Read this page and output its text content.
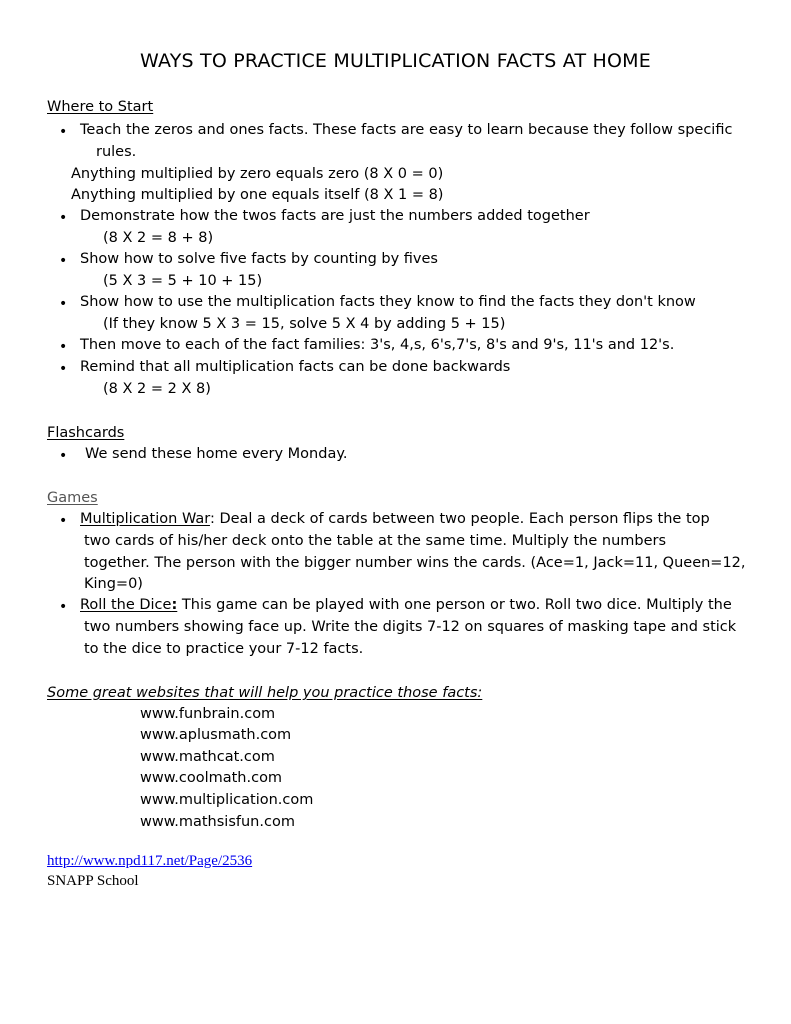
WAYS TO PRACTICE MULTIPLICATION FACTS AT HOME
Where to Start
• Teach the zeros and ones facts. These facts are easy to learn because they follow specific
rules.
Anything multiplied by zero equals zero (8 X 0 = 0)
Anything multiplied by one equals itself (8 X 1 = 8)
• Demonstrate how the twos facts are just the numbers added together
(8 X 2 = 8 + 8)
• Show how to solve five facts by counting by fives
(5 X 3 = 5 + 10 + 15)
• Show how to use the multiplication facts they know to find the facts they don't know
(If they know 5 X 3 = 15, solve 5 X 4 by adding 5 + 15)
• Then move to each of the fact families: 3's, 4,s, 6's,7's, 8's and 9's, 11's and 12's.
• Remind that all multiplication facts can be done backwards
(8 X 2 = 2 X 8)
Flashcards
• We send these home every Monday.
Games
• Multiplication War: Deal a deck of cards between two people. Each person flips the top
two cards of his/her deck onto the table at the same time. Multiply the numbers
together. The person with the bigger number wins the cards. (Ace=1, Jack=11, Queen=12,
King=0)
• Roll the Dice: This game can be played with one person or two. Roll two dice. Multiply the
two numbers showing face up. Write the digits 7-12 on squares of masking tape and stick
to the dice to practice your 7-12 facts.
Some great websites that will help you practice those facts:
www.funbrain.com
www.aplusmath.com
www.mathcat.com
www.coolmath.com
www.multiplication.com
www.mathsisfun.com
http://www.npd117.net/Page/2536
SNAPP School
